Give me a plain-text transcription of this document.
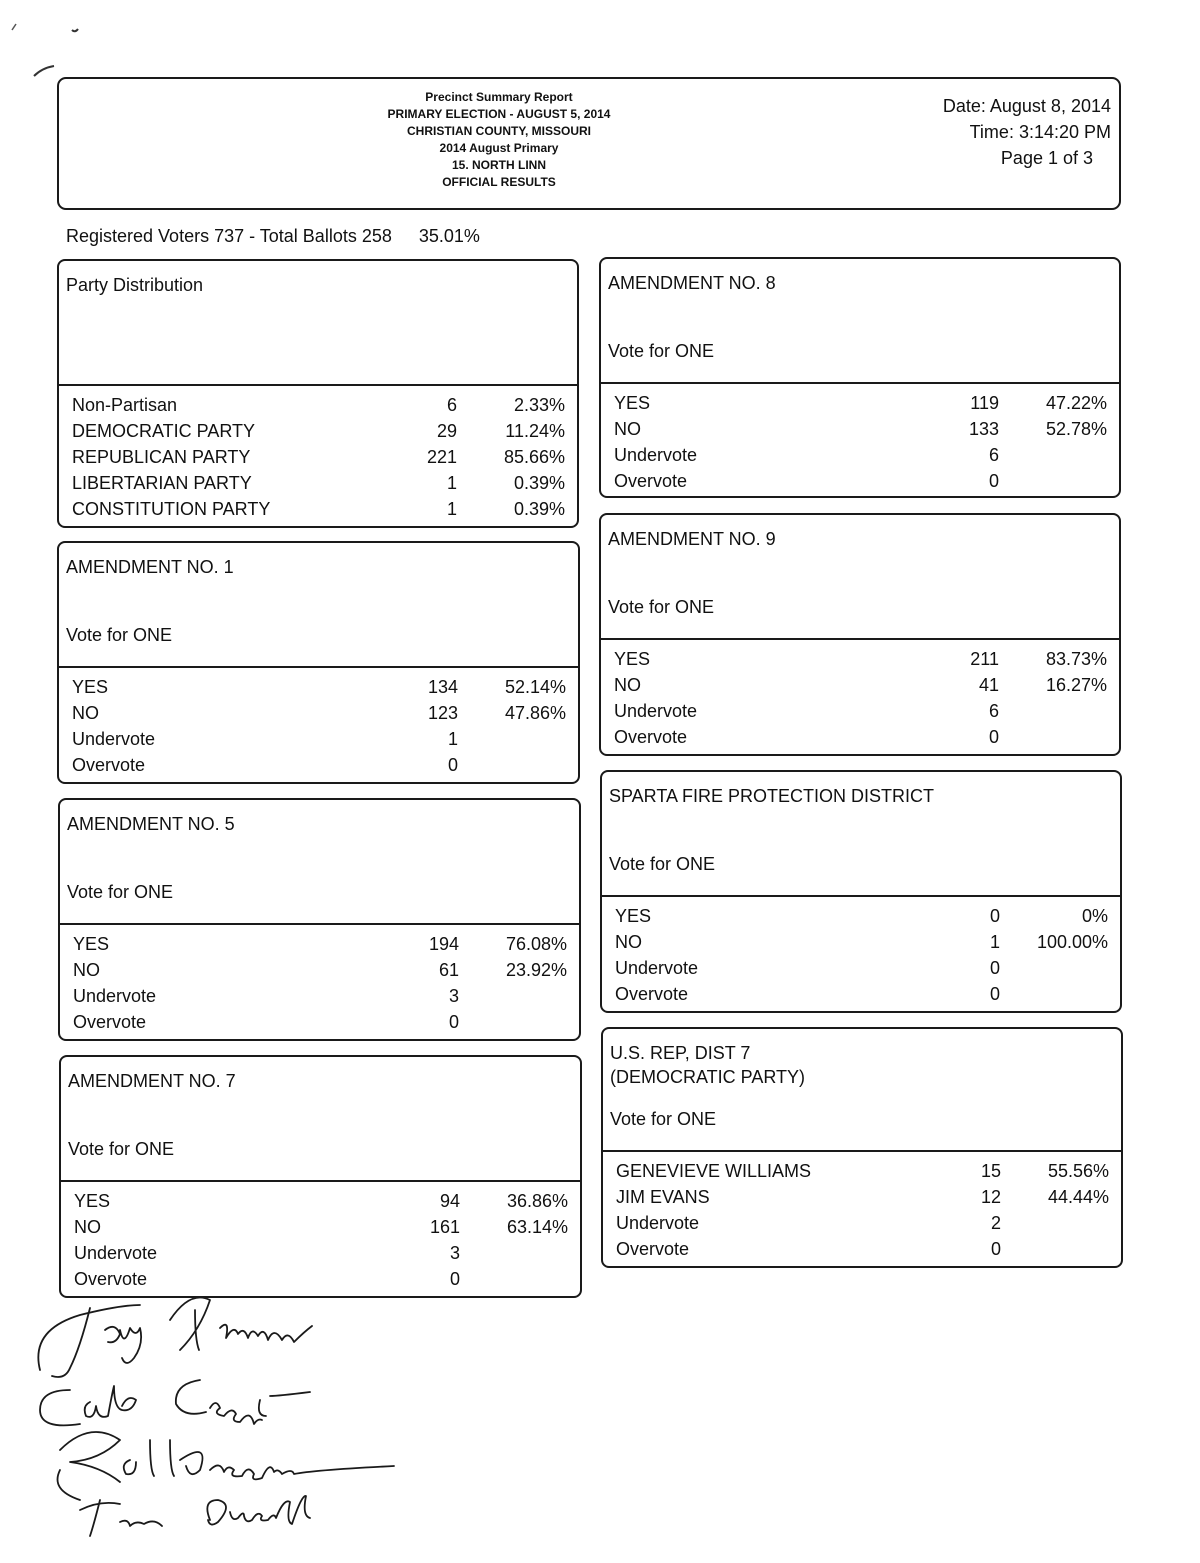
Precinct Summary Report
PRIMARY ELECTION - AUGUST 5, 2014
CHRISTIAN COUNTY, MISSOURI
2014 August Primary
15. NORTH LINN
OFFICIAL RESULTS
Date: August 8, 2014
Time: 3:14:20 PM
Page 1 of 3
Registered Voters 737 - Total Ballots 258 35.01%
Party Distribution
Non-Partisan	6	2.33%
DEMOCRATIC PARTY	29	11.24%
REPUBLICAN PARTY	221	85.66%
LIBERTARIAN PARTY	1	0.39%
CONSTITUTION PARTY	1	0.39%
AMENDMENT NO. 1
Vote for ONE
YES	134	52.14%
NO	123	47.86%
Undervote	1
Overvote	0
AMENDMENT NO. 5
Vote for ONE
YES	194	76.08%
NO	61	23.92%
Undervote	3
Overvote	0
AMENDMENT NO. 7
Vote for ONE
YES	94	36.86%
NO	161	63.14%
Undervote	3
Overvote	0
AMENDMENT NO. 8
Vote for ONE
YES	119	47.22%
NO	133	52.78%
Undervote	6
Overvote	0
AMENDMENT NO. 9
Vote for ONE
YES	211	83.73%
NO	41	16.27%
Undervote	6
Overvote	0
SPARTA FIRE PROTECTION DISTRICT
Vote for ONE
YES	0	0%
NO	1 100.00%
Undervote	0
Overvote	0
U.S. REP, DIST 7
(DEMOCRATIC PARTY)
Vote for ONE
GENEVIEVE WILLIAMS	15	55.56%
JIM EVANS	12	44.44%
Undervote	2
Overvote	0
